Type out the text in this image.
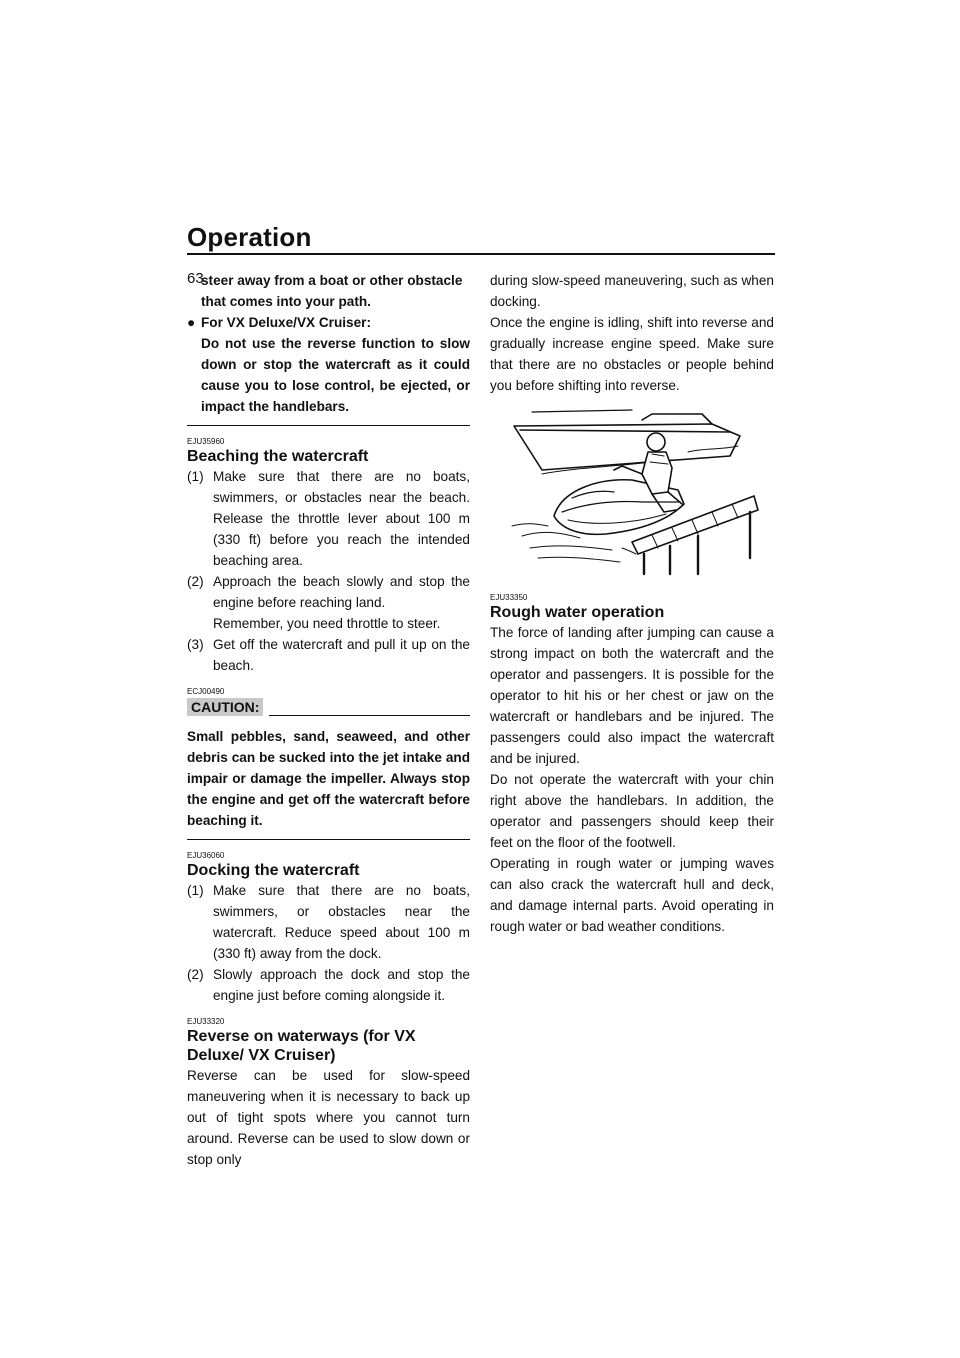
Operation
63
steer away from a boat or other obstacle
that comes into your path.
● For VX Deluxe/VX Cruiser:
Do not use the reverse function to slow down or stop the watercraft as it could cause you to lose control, be ejected, or impact the handlebars.
EJU35960
Beaching the watercraft
(1) Make sure that there are no boats, swimmers, or obstacles near the beach. Release the throttle lever about 100 m (330 ft) before you reach the intended beaching area.
(2) Approach the beach slowly and stop the engine before reaching land.
Remember, you need throttle to steer.
(3) Get off the watercraft and pull it up on the beach.
ECJ00490
CAUTION:
Small pebbles, sand, seaweed, and other debris can be sucked into the jet intake and impair or damage the impeller. Always stop the engine and get off the watercraft before beaching it.
EJU36060
Docking the watercraft
(1) Make sure that there are no boats, swimmers, or obstacles near the watercraft. Reduce speed about 100 m (330 ft) away from the dock.
(2) Slowly approach the dock and stop the engine just before coming alongside it.
EJU33320
Reverse on waterways (for VX Deluxe/ VX Cruiser)

Reverse can be used for slow-speed maneuvering when it is necessary to back up out of tight spots where you cannot turn around. Reverse can be used to slow down or stop only

during slow-speed maneuvering, such as when docking.

Once the engine is idling, shift into reverse and gradually increase engine speed. Make sure that there are no obstacles or people behind you before shifting into reverse.

EJU33350
Rough water operation

The force of landing after jumping can cause a strong impact on both the watercraft and the operator and passengers. It is possible for the operator to hit his or her chest or jaw on the watercraft or handlebars and be injured. The passengers could also impact the watercraft and be injured.

Do not operate the watercraft with your chin right above the handlebars. In addition, the operator and passengers should keep their feet on the floor of the footwell.

Operating in rough water or jumping waves can also crack the watercraft hull and deck, and damage internal parts. Avoid operating in rough water or bad weather conditions.
